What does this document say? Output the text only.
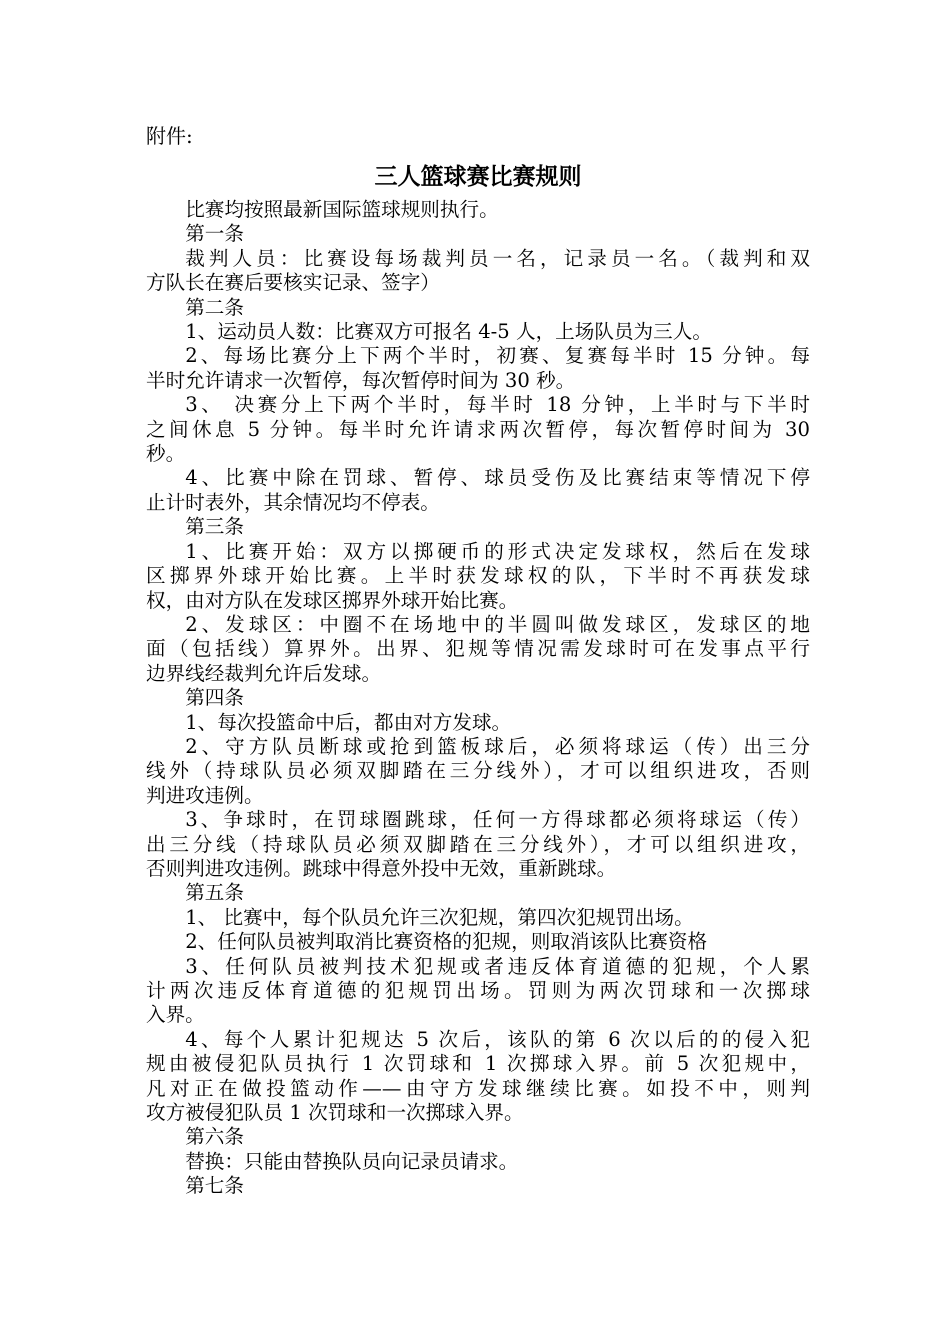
附件:

三人篮球赛比赛规则

比赛均按照最新国际篮球规则执行。

第一条

裁判人员：比赛设每场裁判员一名，记录员一名。（裁判和双
方队长在赛后要核实记录、签字）

第二条

1、运动员人数：比赛双方可报名 4-5 人，上场队员为三人。

2、每场比赛分上下两个半时，初赛、复赛每半时 15 分钟。每
半时允许请求一次暂停，每次暂停时间为 30 秒。

3、 决赛分上下两个半时，每半时 18 分钟，上半时与下半时
之间休息 5 分钟。每半时允许请求两次暂停，每次暂停时间为 30
秒。

4、比赛中除在罚球、暂停、球员受伤及比赛结束等情况下停
止计时表外，其余情况均不停表。

第三条

1、比赛开始：双方以掷硬币的形式决定发球权，然后在发球
区掷界外球开始比赛。上半时获发球权的队，下半时不再获发球
权，由对方队在发球区掷界外球开始比赛。

2、发球区：中圈不在场地中的半圆叫做发球区，发球区的地
面（包括线）算界外。出界、犯规等情况需发球时可在发事点平行
边界线经裁判允许后发球。

第四条

1、每次投篮命中后，都由对方发球。

2、守方队员断球或抢到篮板球后，必须将球运（传）出三分
线外（持球队员必须双脚踏在三分线外），才可以组织进攻，否则
判进攻违例。

3、争球时，在罚球圈跳球，任何一方得球都必须将球运（传）
出三分线（持球队员必须双脚踏在三分线外），才可以组织进攻，
否则判进攻违例。跳球中得意外投中无效，重新跳球。

第五条

1、 比赛中，每个队员允许三次犯规，第四次犯规罚出场。

2、任何队员被判取消比赛资格的犯规，则取消该队比赛资格

3、任何队员被判技术犯规或者违反体育道德的犯规，个人累
计两次违反体育道德的犯规罚出场。罚则为两次罚球和一次掷球
入界。

4、每个人累计犯规达 5 次后，该队的第 6 次以后的的侵入犯
规由被侵犯队员执行 1 次罚球和 1 次掷球入界。前 5 次犯规中，
凡对正在做投篮动作——由守方发球继续比赛。如投不中，则判
攻方被侵犯队员 1 次罚球和一次掷球入界。

第六条

替换：只能由替换队员向记录员请求。

第七条
